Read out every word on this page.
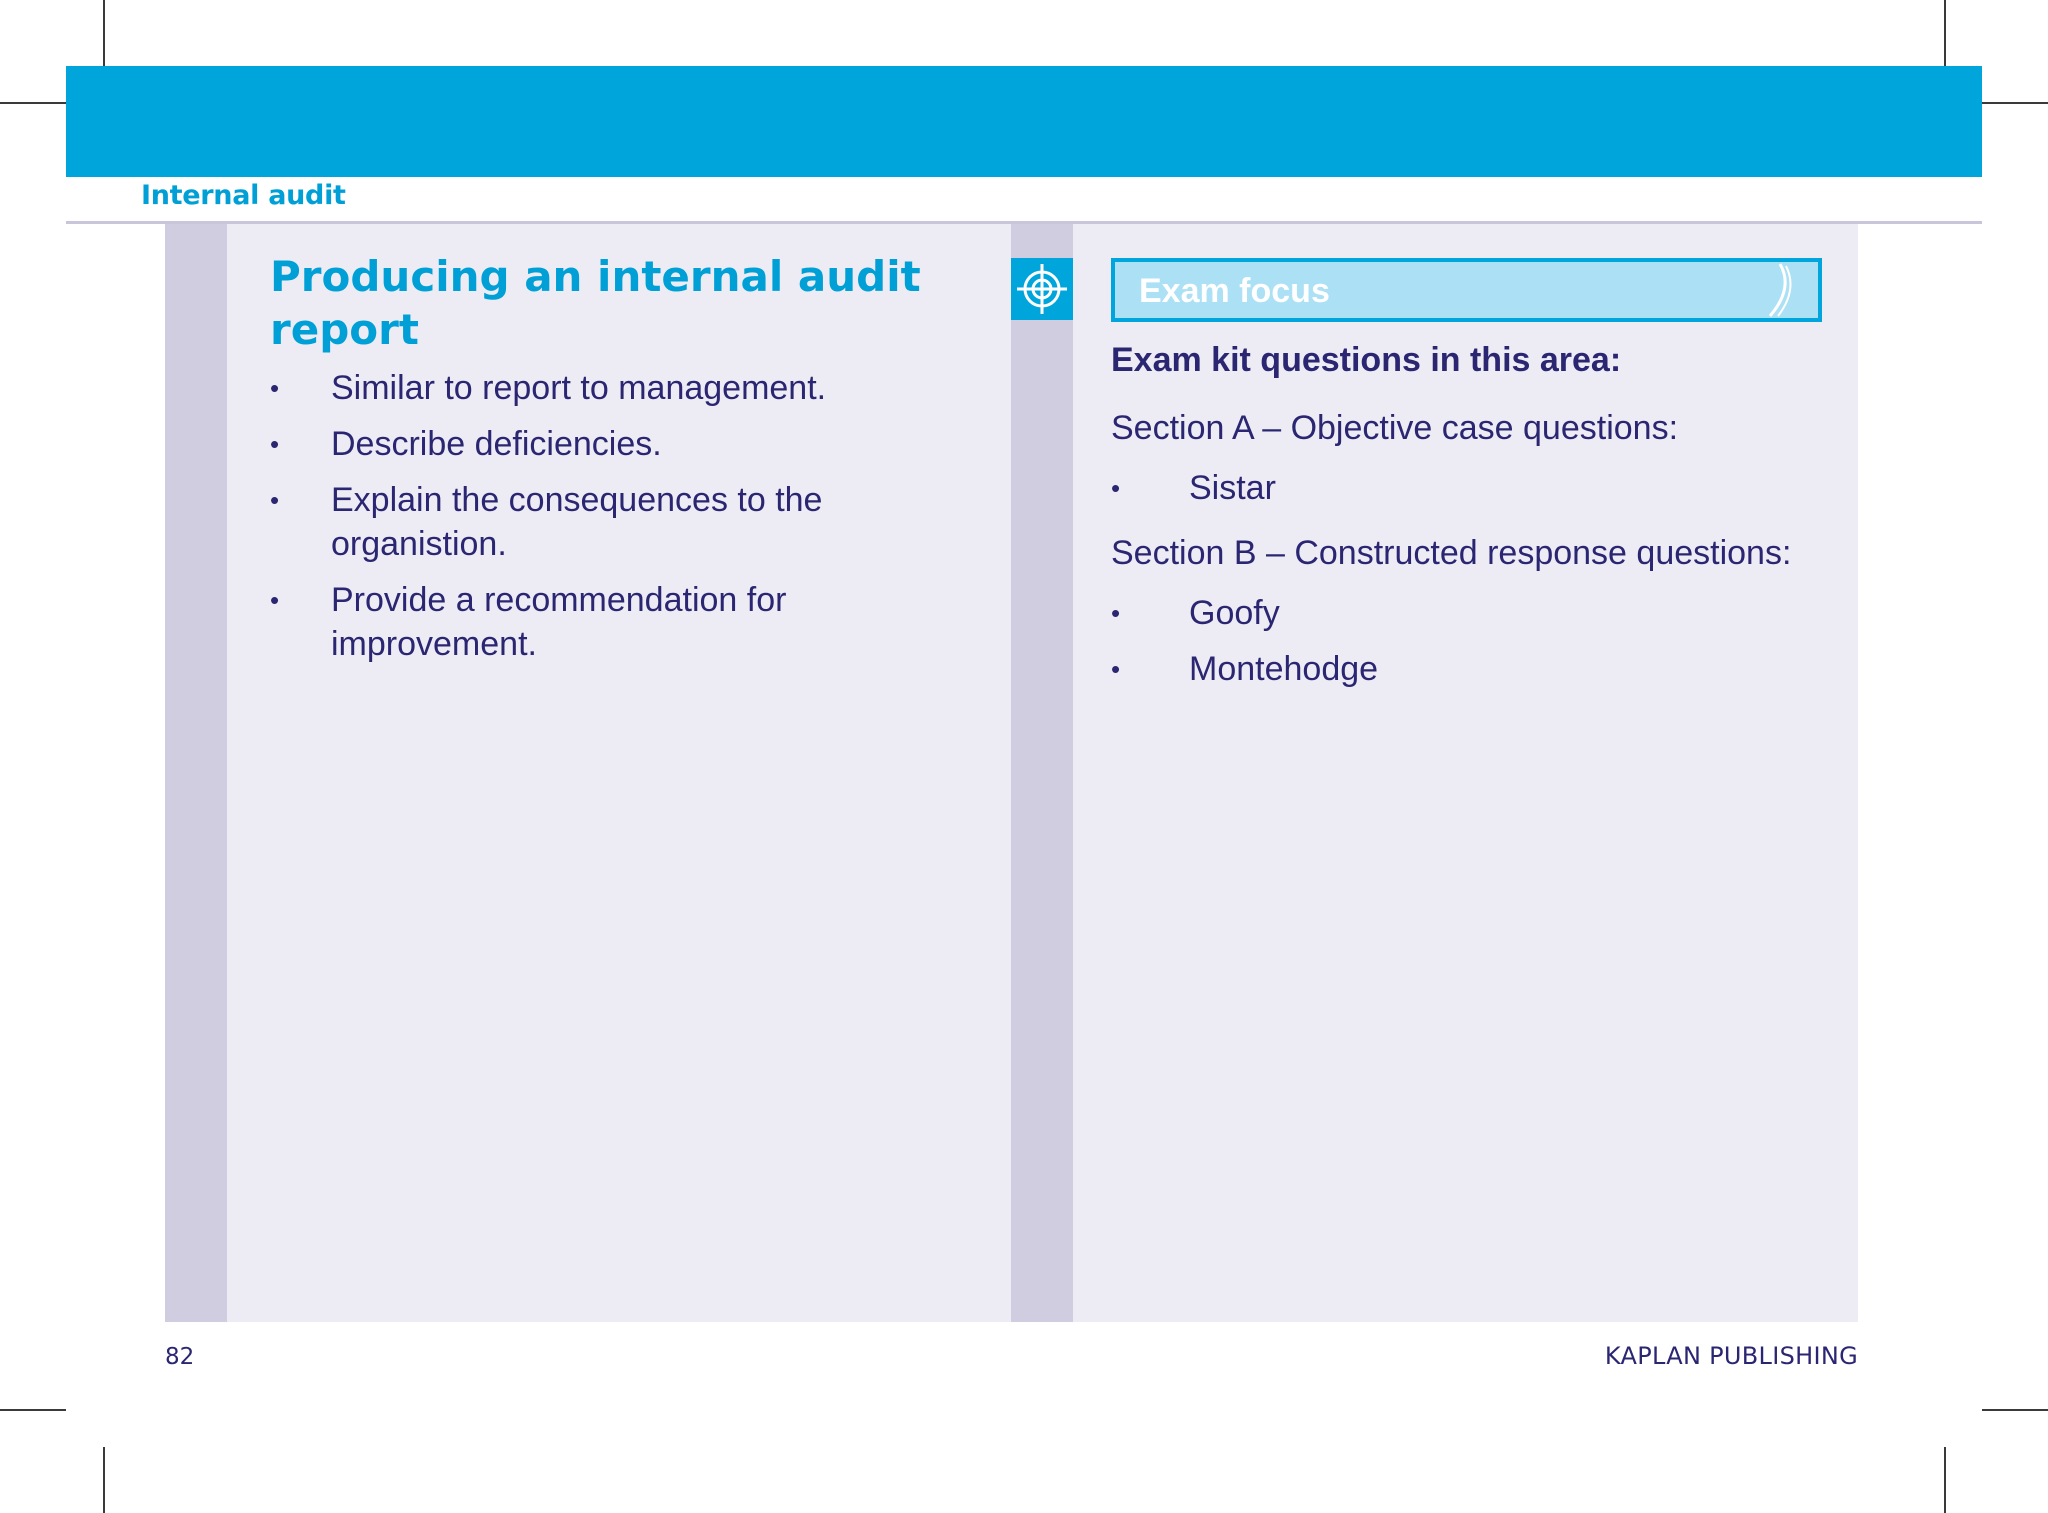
Internal audit
Producing an internal audit report
• Similar to report to management.
• Describe deficiencies.
• Explain the consequences to the organistion.
• Provide a recommendation for improvement.
Exam focus
Exam kit questions in this area:

Section A – Objective case questions:

• Sistar

Section B – Constructed response questions:

• Goofy
• Montehodge
82	KAPLAN PUBLISHING
